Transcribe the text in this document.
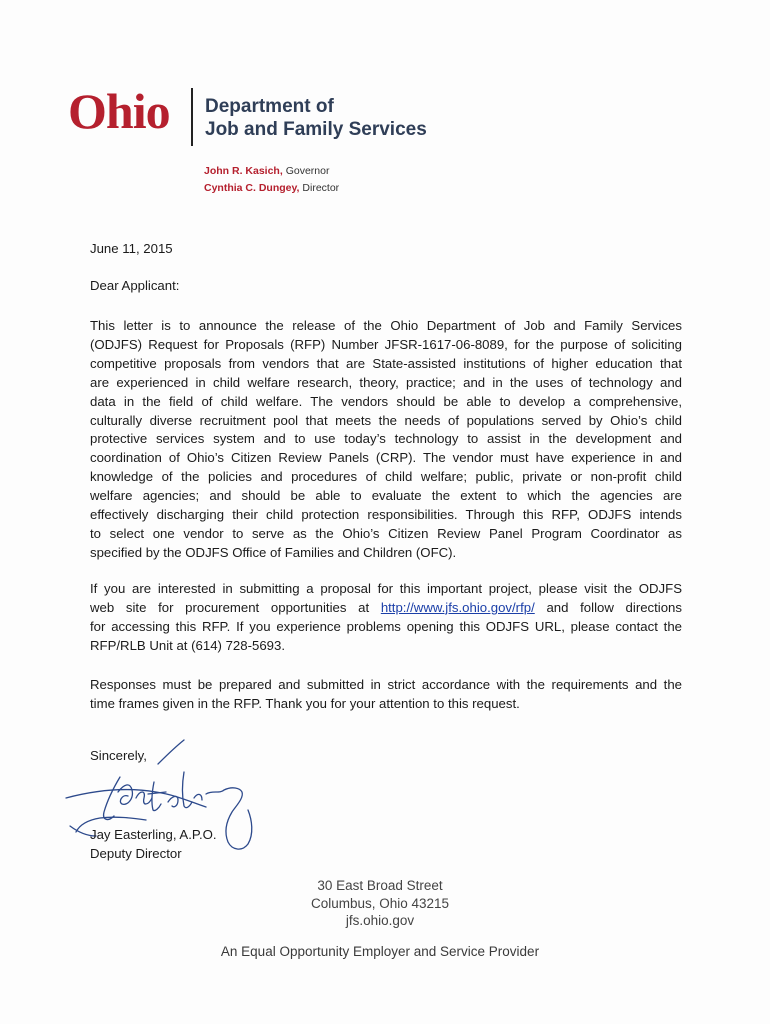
Ohio Department of
Job and Family Services
John R. Kasich, Governor
Cynthia C. Dungey, Director
June 11, 2015
Dear Applicant:
This letter is to announce the release of the Ohio Department of Job and Family Services
(ODJFS) Request for Proposals (RFP) Number JFSR-1617-06-8089, for the purpose of soliciting
competitive proposals from vendors that are State-assisted institutions of higher education that
are experienced in child welfare research, theory, practice; and in the uses of technology and
data in the field of child welfare. The vendors should be able to develop a comprehensive,
culturally diverse recruitment pool that meets the needs of populations served by Ohio’s child
protective services system and to use today’s technology to assist in the development and
coordination of Ohio’s Citizen Review Panels (CRP). The vendor must have experience in and
knowledge of the policies and procedures of child welfare; public, private or non-profit child
welfare agencies; and should be able to evaluate the extent to which the agencies are
effectively discharging their child protection responsibilities. Through this RFP, ODJFS intends
to select one vendor to serve as the Ohio’s Citizen Review Panel Program Coordinator as
specified by the ODJFS Office of Families and Children (OFC).
If you are interested in submitting a proposal for this important project, please visit the ODJFS
web site for procurement opportunities at http://www.jfs.ohio.gov/rfp/ and follow directions
for accessing this RFP. If you experience problems opening this ODJFS URL, please contact the
RFP/RLB Unit at (614) 728-5693.
Responses must be prepared and submitted in strict accordance with the requirements and the
time frames given in the RFP. Thank you for your attention to this request.
Sincerely,
Jay Easterling, A.P.O.
Deputy Director
30 East Broad Street
Columbus, Ohio 43215
jfs.ohio.gov
An Equal Opportunity Employer and Service Provider
